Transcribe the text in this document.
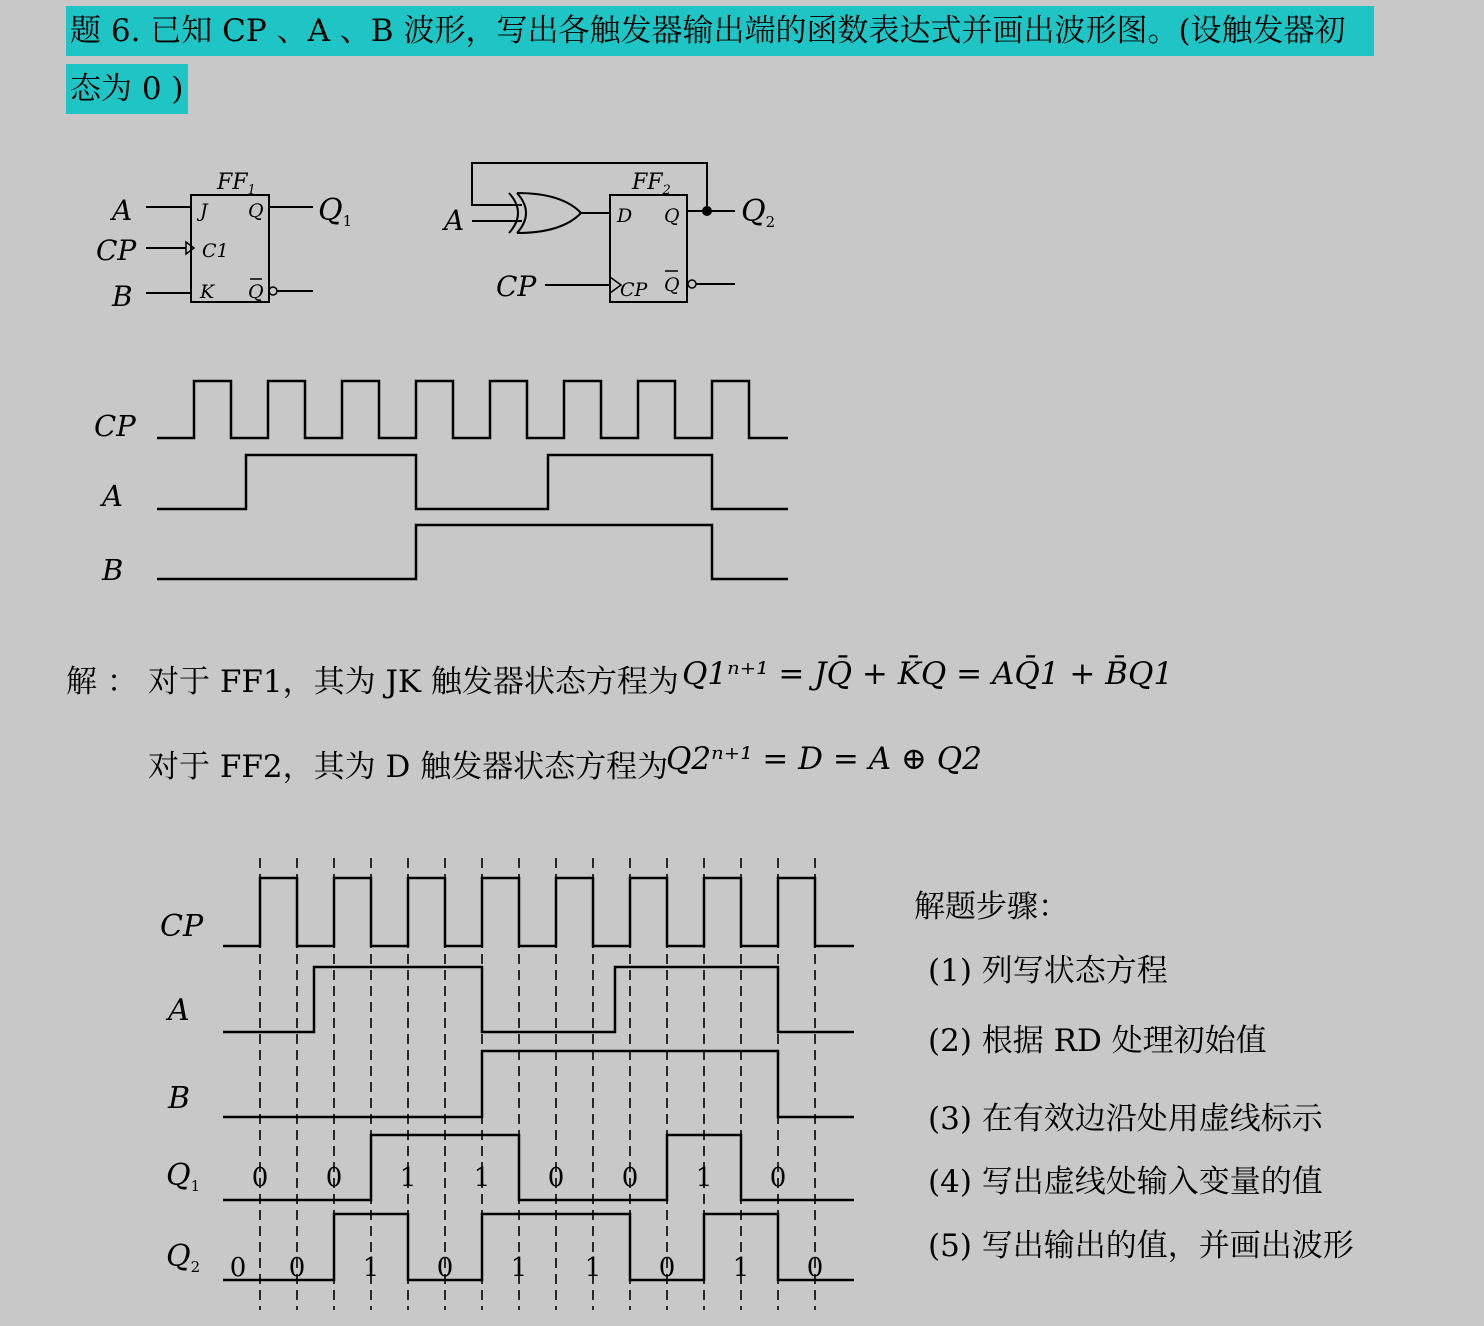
题 6. 已知 CP 、A 、B 波形，写出各触发器输出端的函数表达式并画出波形图。(设触发器初
态为 0 )
$FF_1$
A
CP
B
J
C1
K
Q
Q
$Q_1$
$FF_2$
A
CP
D Q
CP Q
$Q_2$
CP
A
B
CP
A
B
$Q_1$
$Q_2$
0 0 1 1 0 0 1 0
0 0 1 0 1 1 0 1 0
解 ： 对于 FF1，其为 JK 触发器状态方程为 Q1ⁿ⁺¹ = JQ̄ + K̄Q = AQ̄1 + B̄Q1
对于 FF2，其为 D 触发器状态方程为
Q2ⁿ⁺¹ = D = A ⊕ Q2
解题步骤：
(1) 列写状态方程
(2) 根据 RD 处理初始值
(3) 在有效边沿处用虚线标示
(4) 写出虚线处输入变量的值
(5) 写出输出的值，并画出波形
